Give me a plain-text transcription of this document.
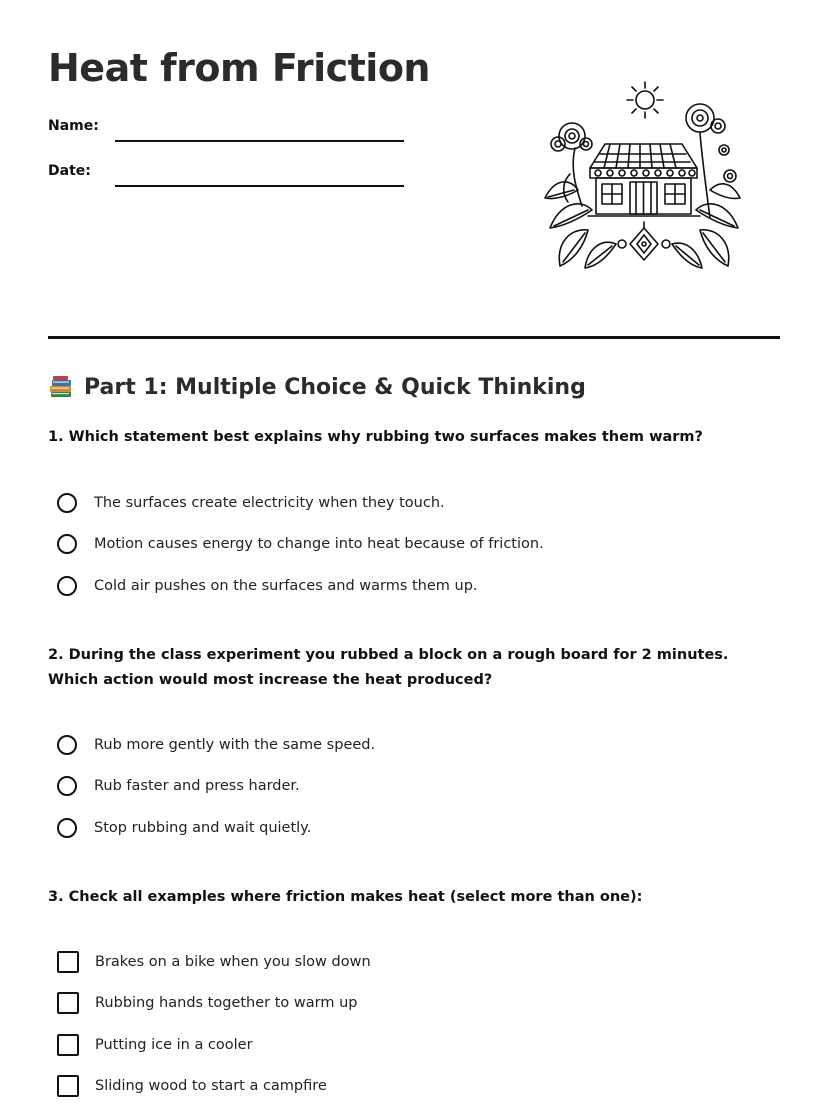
Heat from Friction
Name:
Date:
Part 1: Multiple Choice & Quick Thinking

1. Which statement best explains why rubbing two surfaces makes them warm?

The surfaces create electricity when they touch.
Motion causes energy to change into heat because of friction.
Cold air pushes on the surfaces and warms them up.

2. During the class experiment you rubbed a block on a rough board for 2 minutes. Which action would most increase the heat produced?

Rub more gently with the same speed.
Rub faster and press harder.
Stop rubbing and wait quietly.

3. Check all examples where friction makes heat (select more than one):

Brakes on a bike when you slow down
Rubbing hands together to warm up
Putting ice in a cooler
Sliding wood to start a campfire
